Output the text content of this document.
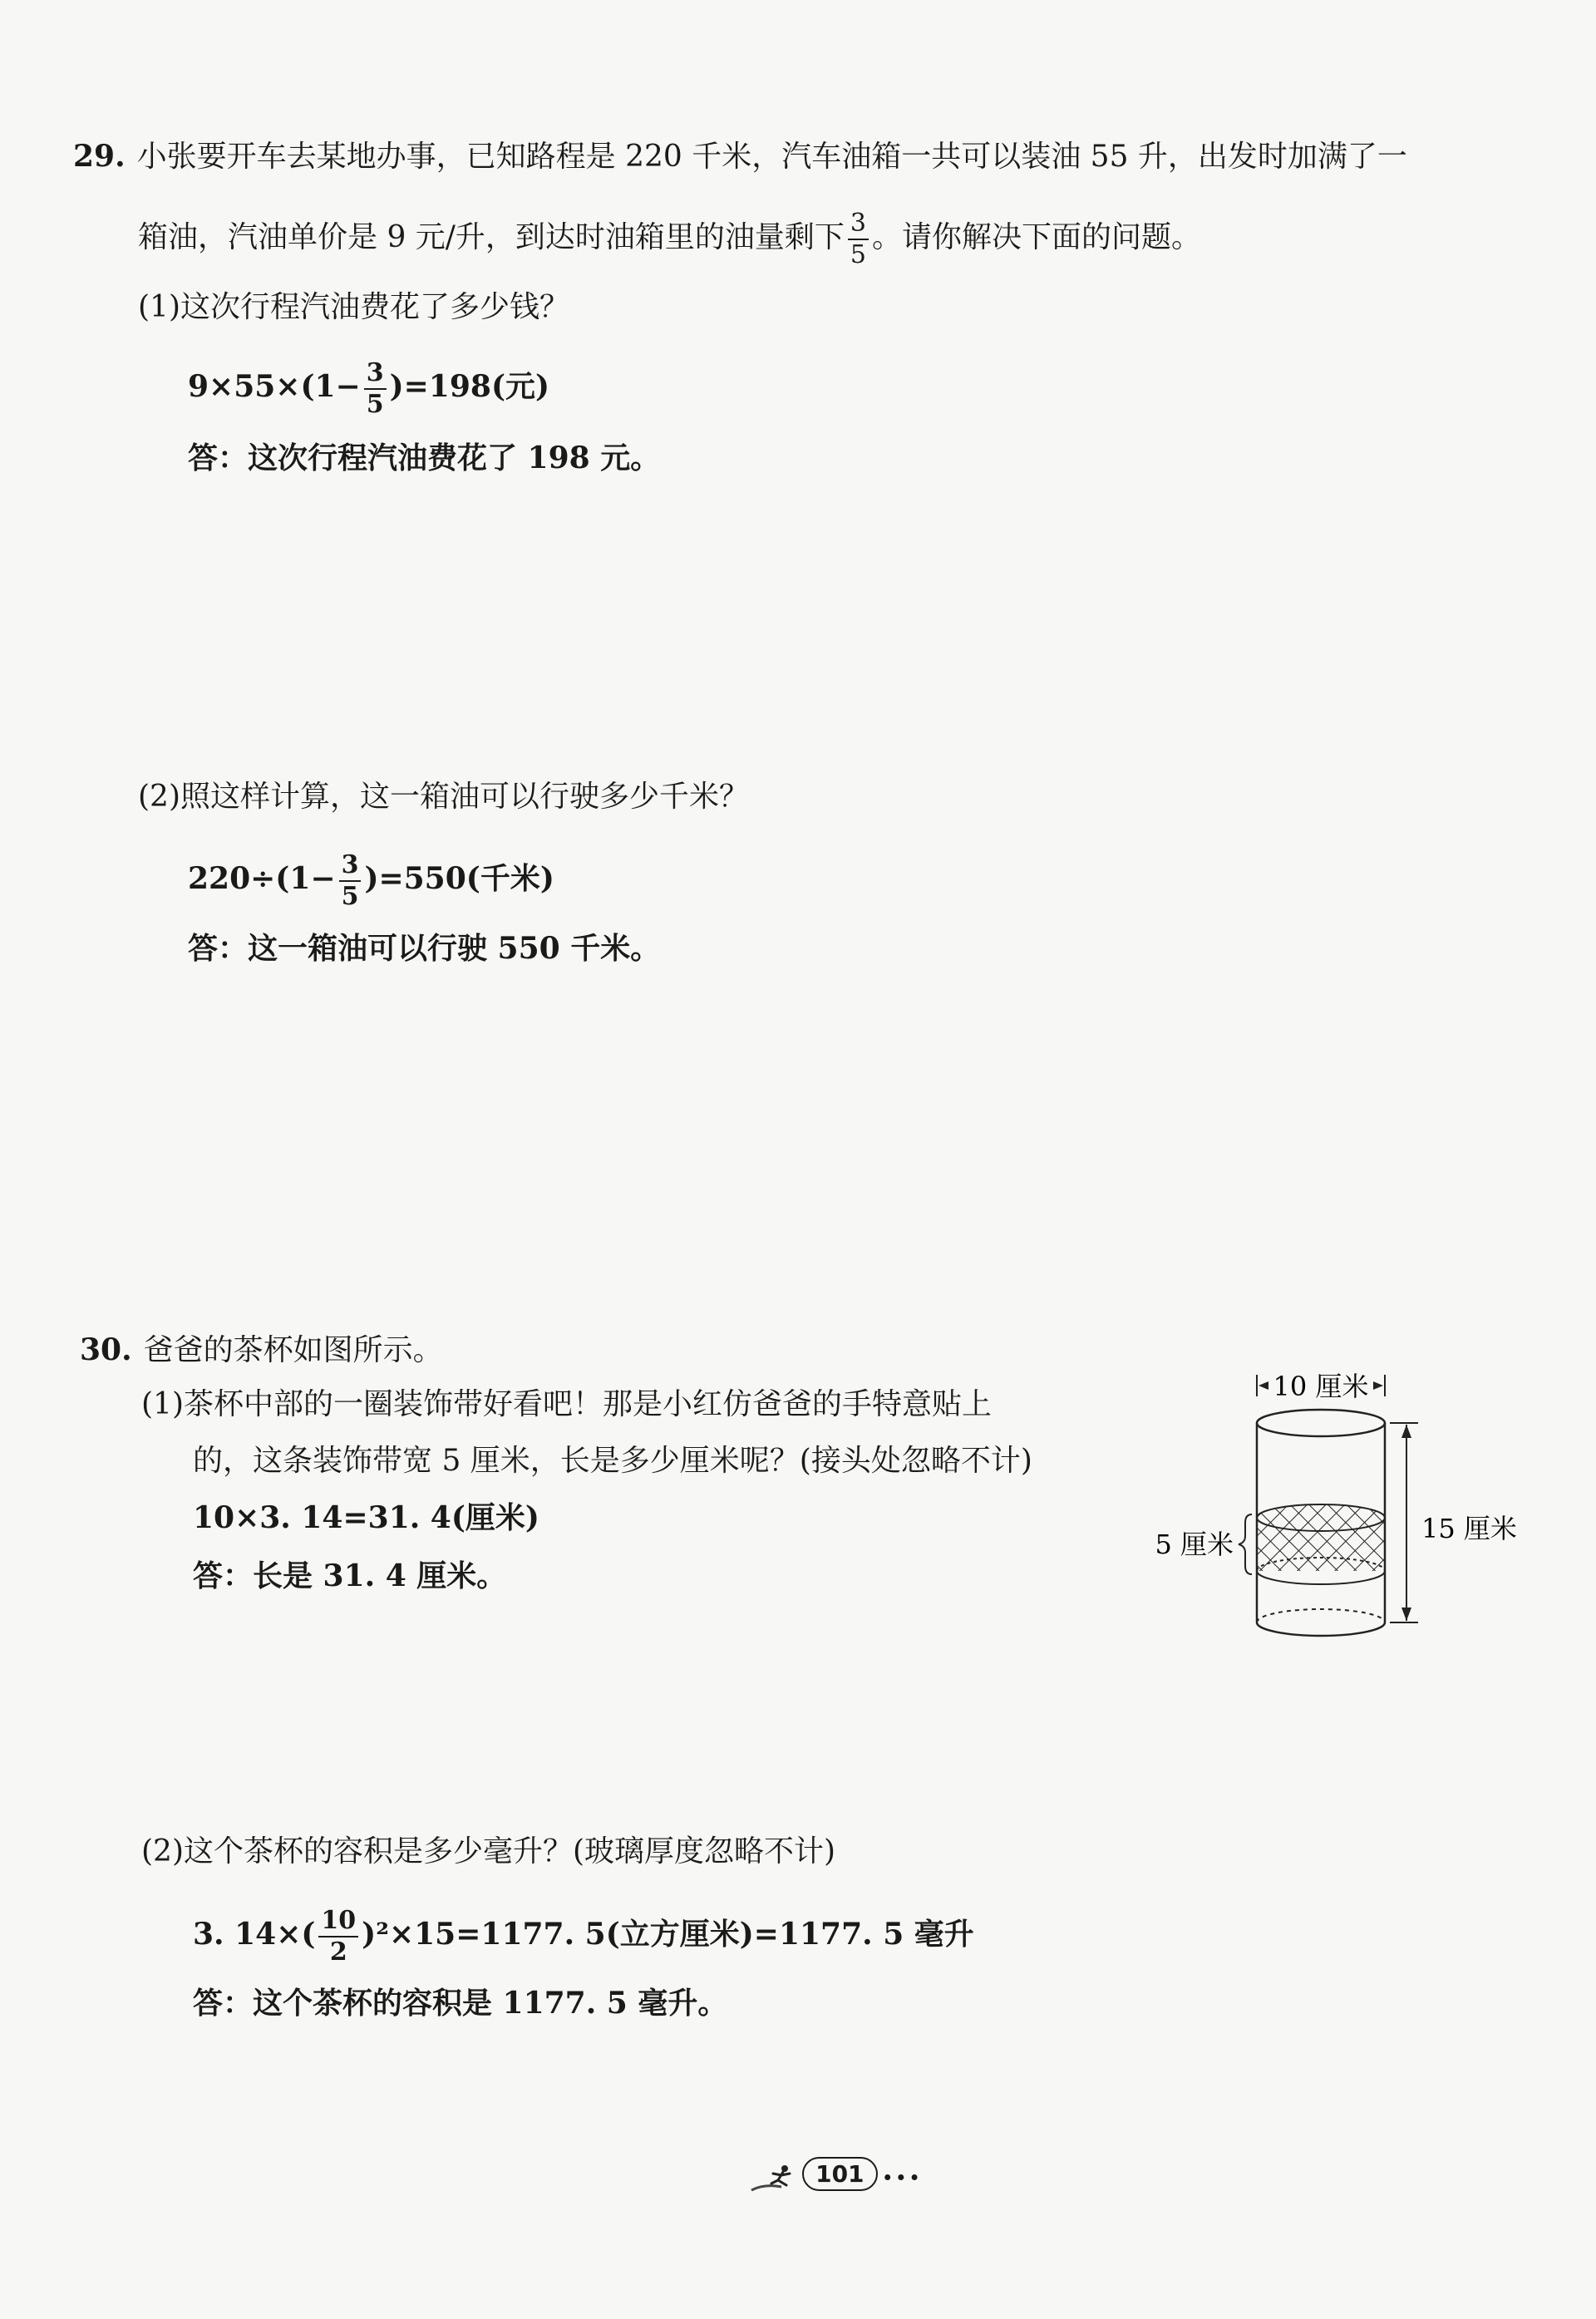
29. 小张要开车去某地办事，已知路程是 220 千米，汽车油箱一共可以装油 55 升，出发时加满了一
箱油，汽油单价是 9 元/升，到达时油箱里的油量剩下 $\frac{3}{5}$ 。请你解决下面的问题。
(1)这次行程汽油费花了多少钱？
$9\times 55\times(1- \frac{3}{5} )=198$(元)
答：这次行程汽油费花了 198 元。
(2)照这样计算，这一箱油可以行驶多少千米？
$220\div(1- \frac{3}{5} )=550$(千米)
答：这一箱油可以行驶 550 千米。
30. 爸爸的茶杯如图所示。
(1)茶杯中部的一圈装饰带好看吧！那是小红仿爸爸的手特意贴上
的，这条装饰带宽 5 厘米，长是多少厘米呢？(接头处忽略不计)
10×3. 14=31. 4(厘米)
答：长是 31. 4 厘米。
10 厘米
15 厘米
5 厘米
(2)这个茶杯的容积是多少毫升？(玻璃厚度忽略不计)
3. $14\times( \frac{10}{2} )^2\times 15=1177$. 5(立方厘米)=1177. 5 毫升
答：这个茶杯的容积是 1177. 5 毫升。
101 •••
